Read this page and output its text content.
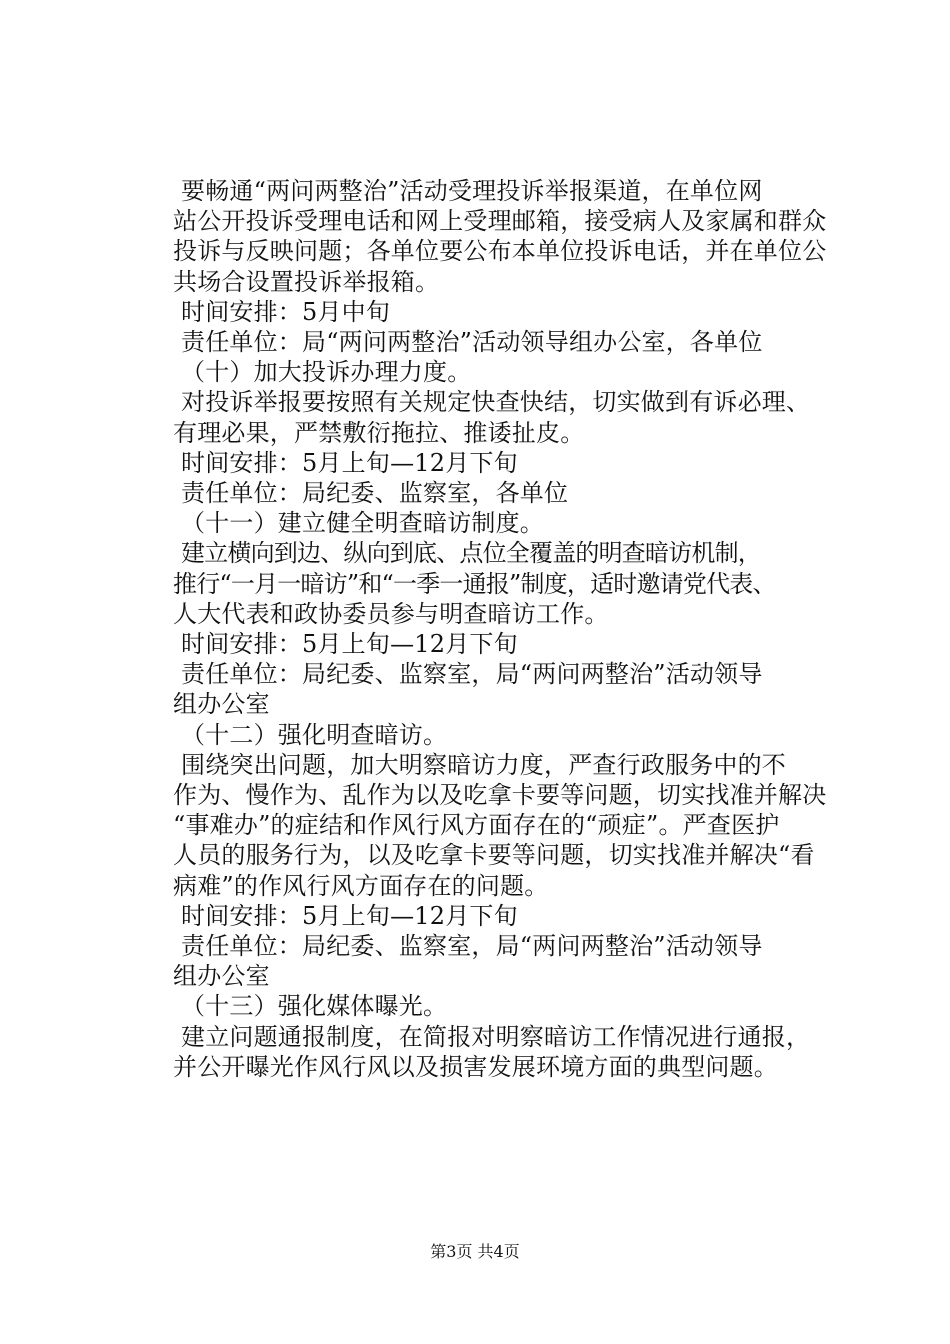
要畅通“两问两整治”活动受理投诉举报渠道，在单位网
站公开投诉受理电话和网上受理邮箱，接受病人及家属和群众
投诉与反映问题；各单位要公布本单位投诉电话，并在单位公
共场合设置投诉举报箱。
时间安排：5月中旬
责任单位：局“两问两整治”活动领导组办公室，各单位
（十）加大投诉办理力度。
对投诉举报要按照有关规定快查快结，切实做到有诉必理、
有理必果，严禁敷衍拖拉、推诿扯皮。
时间安排：5月上旬—12月下旬
责任单位：局纪委、监察室，各单位
（十一）建立健全明查暗访制度。
建立横向到边、纵向到底、点位全覆盖的明查暗访机制，
推行“一月一暗访”和“一季一通报”制度，适时邀请党代表、
人大代表和政协委员参与明查暗访工作。
时间安排：5月上旬—12月下旬
责任单位：局纪委、监察室，局“两问两整治”活动领导
组办公室
（十二）强化明查暗访。
围绕突出问题，加大明察暗访力度，严查行政服务中的不
作为、慢作为、乱作为以及吃拿卡要等问题，切实找准并解决
“事难办”的症结和作风行风方面存在的“顽症”。严查医护
人员的服务行为，以及吃拿卡要等问题，切实找准并解决“看
病难”的作风行风方面存在的问题。
时间安排：5月上旬—12月下旬
责任单位：局纪委、监察室，局“两问两整治”活动领导
组办公室
（十三）强化媒体曝光。
建立问题通报制度，在简报对明察暗访工作情况进行通报，
并公开曝光作风行风以及损害发展环境方面的典型问题。
第3页 共4页
